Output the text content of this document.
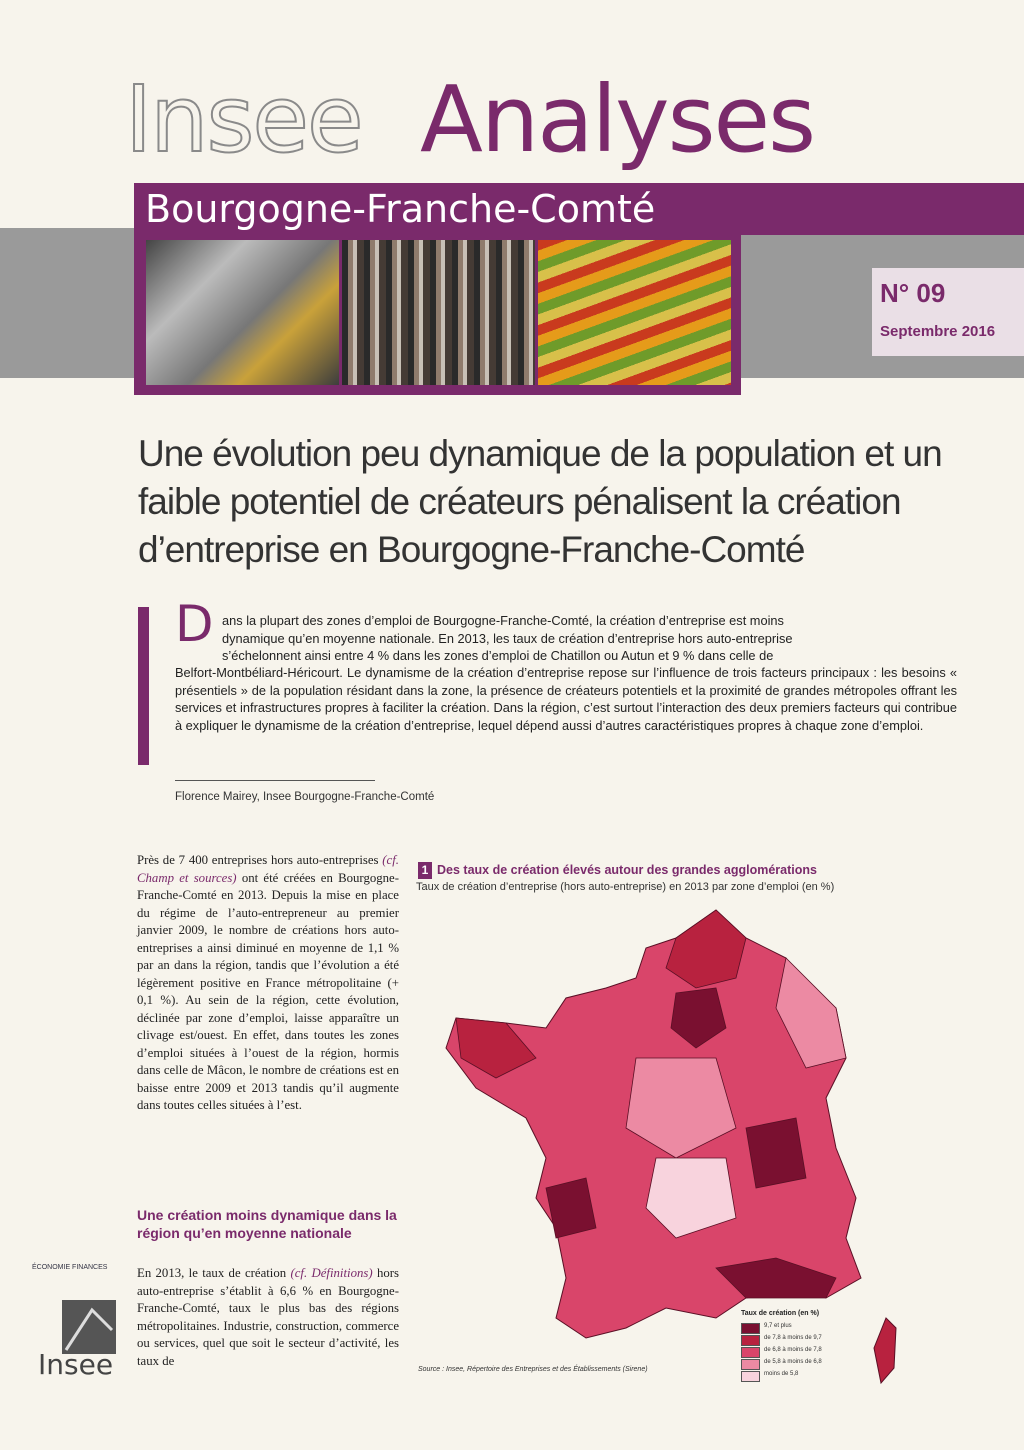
Insee Analyses
Bourgogne-Franche-Comté
N° 09
Septembre 2016
Une évolution peu dynamique de la population et un faible potentiel de créateurs pénalisent la création d’entreprise en Bourgogne-Franche-Comté
D ans la plupart des zones d’emploi de Bourgogne-Franche-Comté, la création d’entreprise est moins
dynamique qu’en moyenne nationale. En 2013, les taux de création d’entreprise hors auto-entreprise
s’échelonnent ainsi entre 4 % dans les zones d’emploi de Chatillon ou Autun et 9 % dans celle de
Belfort-Montbéliard-Héricourt. Le dynamisme de la création d’entreprise repose sur l’influence de trois facteurs principaux : les besoins « présentiels » de la population résidant dans la zone, la présence de créateurs potentiels et la proximité de grandes métropoles offrant les services et infrastructures propres à faciliter la création. Dans la région, c’est surtout l’interaction des deux premiers facteurs qui contribue à expliquer le dynamisme de la création d’entreprise, lequel dépend aussi d’autres caractéristiques propres à chaque zone d’emploi.
Florence Mairey, Insee Bourgogne-Franche-Comté
Près de 7 400 entreprises hors auto-entreprises (cf. Champ et sources) ont été créées en Bourgogne-Franche-Comté en 2013. Depuis la mise en place du régime de l’auto-entrepreneur au premier janvier 2009, le nombre de créations hors auto-entreprises a ainsi diminué en moyenne de 1,1 % par an dans la région, tandis que l’évolution a été légèrement positive en France métropolitaine (+ 0,1 %). Au sein de la région, cette évolution, déclinée par zone d’emploi, laisse apparaître un clivage est/ouest. En effet, dans toutes les zones d’emploi situées à l’ouest de la région, hormis dans celle de Mâcon, le nombre de créations est en baisse entre 2009 et 2013 tandis qu’il augmente dans toutes celles situées à l’est.
Une création moins dynamique dans la région qu’en moyenne nationale
En 2013, le taux de création (cf. Définitions) hors auto-entreprise s’établit à 6,6 % en Bourgogne-Franche-Comté, taux le plus bas des régions métropolitaines. Industrie, construction, commerce ou services, quel que soit le secteur d’activité, les taux de
ÉCONOMIE FINANCES
Insee
1 Des taux de création élevés autour des grandes agglomérations
Taux de création d’entreprise (hors auto-entreprise) en 2013 par zone d’emploi (en %)
Taux de création (en %)
9,7 et plus
de 7,8 à moins de 9,7
de 6,8 à moins de 7,8
de 5,8 à moins de 6,8
moins de 5,8
Source : Insee, Répertoire des Entreprises et des Établissements (Sirene)
